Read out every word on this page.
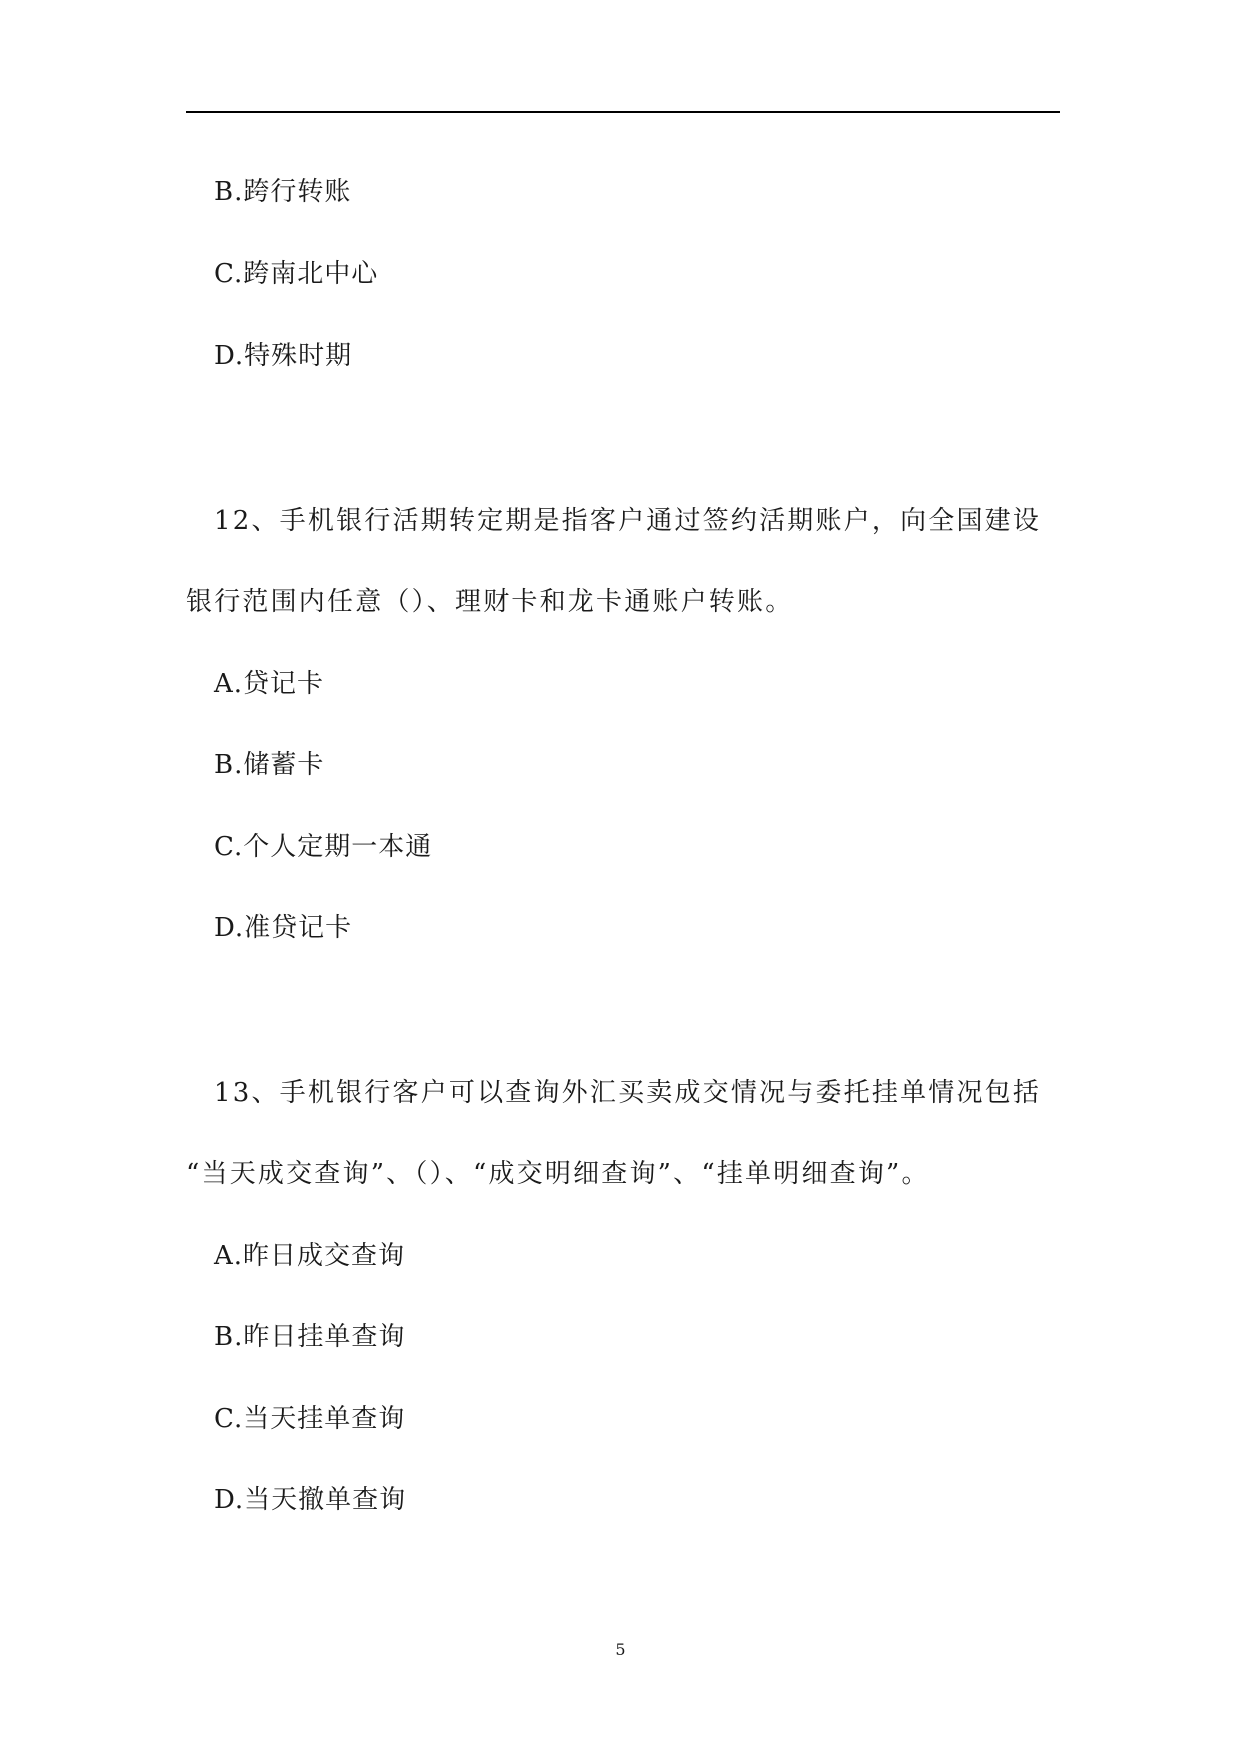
B.跨行转账
C.跨南北中心
D.特殊时期
12、手机银行活期转定期是指客户通过签约活期账户，向全国建设
银行范围内任意（）、理财卡和龙卡通账户转账。
A.贷记卡
B.储蓄卡
C.个人定期一本通
D.准贷记卡
13、手机银行客户可以查询外汇买卖成交情况与委托挂单情况包括
“当天成交查询”、（）、“成交明细查询”、“挂单明细查询”。
A.昨日成交查询
B.昨日挂单查询
C.当天挂单查询
D.当天撤单查询
5
